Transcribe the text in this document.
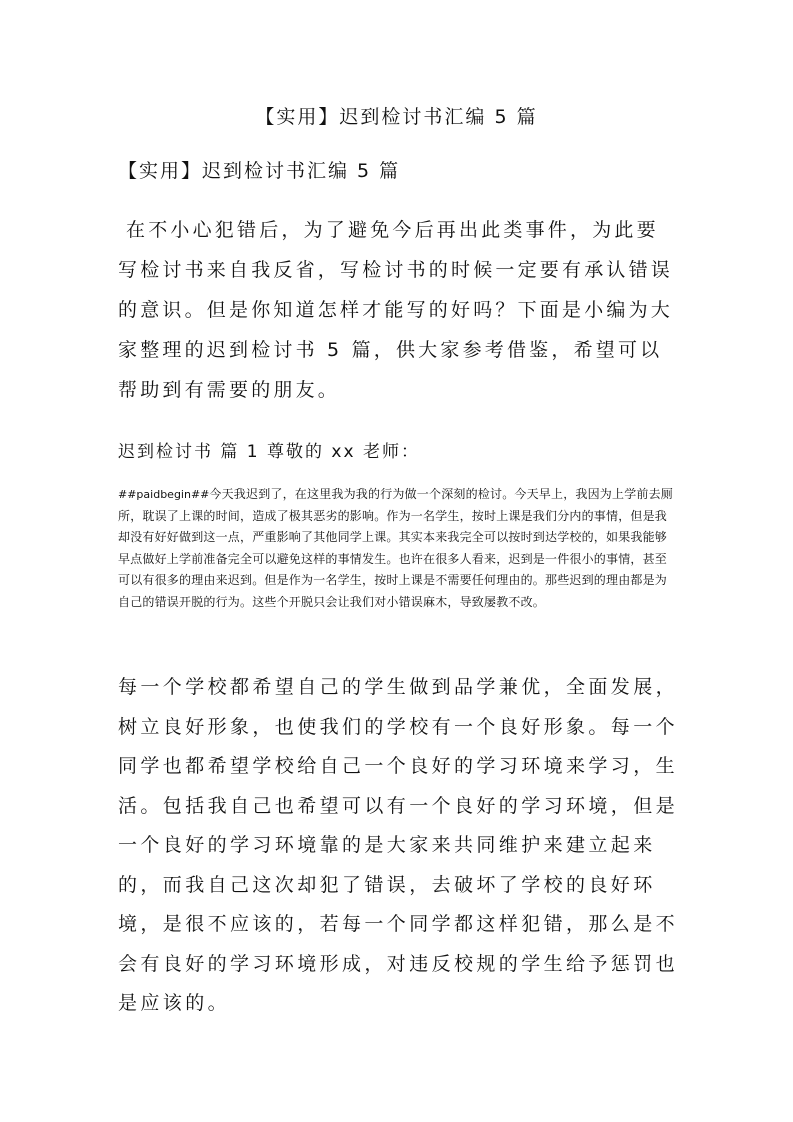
【实用】迟到检讨书汇编 5 篇
【实用】迟到检讨书汇编 5 篇

在不小心犯错后，为了避免今后再出此类事件，为此要写检讨书来自我反省，写检讨书的时候一定要有承认错误的意识。但是你知道怎样才能写的好吗？下面是小编为大家整理的迟到检讨书 5 篇，供大家参考借鉴，希望可以帮助到有需要的朋友。

迟到检讨书 篇 1 尊敬的 xx 老师：

##paidbegin##今天我迟到了，在这里我为我的行为做一个深刻的检讨。今天早上，我因为上学前去厕所，耽误了上课的时间，造成了极其恶劣的影响。作为一名学生，按时上课是我们分内的事情，但是我却没有好好做到这一点，严重影响了其他同学上课。其实本来我完全可以按时到达学校的，如果我能够早点做好上学前准备完全可以避免这样的事情发生。也许在很多人看来，迟到是一件很小的事情，甚至可以有很多的理由来迟到。但是作为一名学生，按时上课是不需要任何理由的。那些迟到的理由都是为自己的错误开脱的行为。这些个开脱只会让我们对小错误麻木，导致屡教不改。

每一个学校都希望自己的学生做到品学兼优，全面发展，树立良好形象，也使我们的学校有一个良好形象。每一个同学也都希望学校给自己一个良好的学习环境来学习，生活。包括我自己也希望可以有一个良好的学习环境，但是一个良好的学习环境靠的是大家来共同维护来建立起来的，而我自己这次却犯了错误，去破坏了学校的良好环境，是很不应该的，若每一个同学都这样犯错，那么是不会有良好的学习环境形成，对违反校规的学生给予惩罚也是应该的。
